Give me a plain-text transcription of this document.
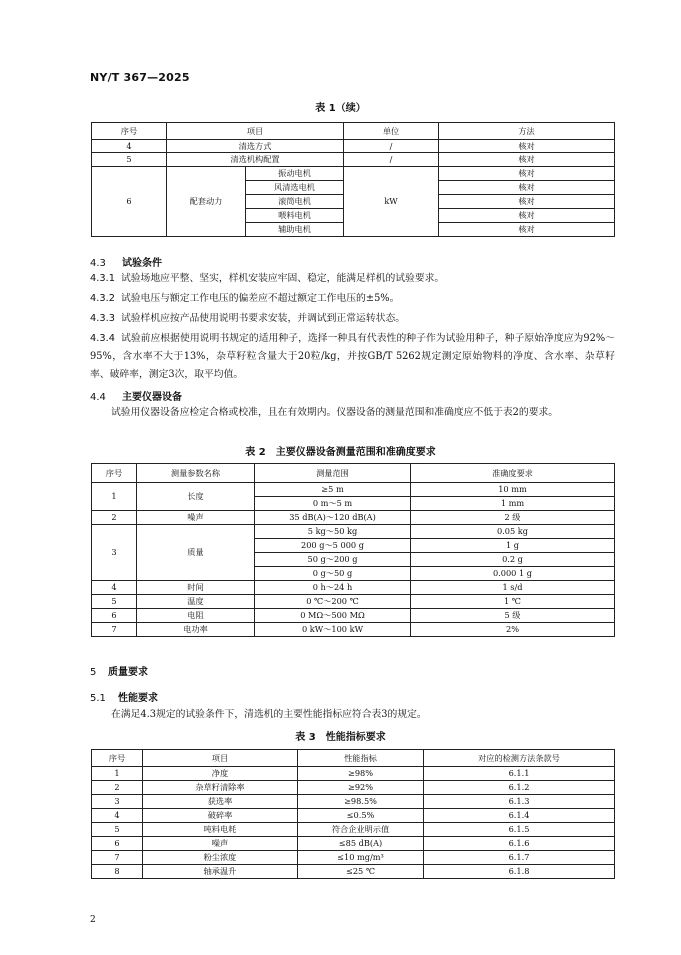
NY/T 367—2025
表 1（续）
序号	项目		单位	方法
4	清选方式		/	核对
5	清选机构配置		/	核对
6	配套动力	振动电机	kW	核对
		风清选电机		核对
		滚筒电机		核对
		喂料电机		核对
		辅助电机		核对
4.3 试验条件
4.3.1 试验场地应平整、坚实，样机安装应牢固、稳定，能满足样机的试验要求。
4.3.2 试验电压与额定工作电压的偏差应不超过额定工作电压的±5%。
4.3.3 试验样机应按产品使用说明书要求安装，并调试到正常运转状态。
4.3.4 试验前应根据使用说明书规定的适用种子，选择一种具有代表性的种子作为试验用种子，种子原始净度应为92%～95%，含水率不大于13%，杂草籽粒含量大于20粒/kg，并按GB/T 5262规定测定原始物料的净度、含水率、杂草籽率、破碎率，测定3次，取平均值。
4.4 主要仪器设备
试验用仪器设备应检定合格或校准，且在有效期内。仪器设备的测量范围和准确度应不低于表2的要求。
表 2　主要仪器设备测量范围和准确度要求
序号	测量参数名称	测量范围	准确度要求
1	长度	≥5 m	10 mm
		0 m～5 m	1 mm
2	噪声	35 dB(A)～120 dB(A)	2 级
3	质量	5 kg～50 kg	0.05 kg
		200 g～5 000 g	1 g
		50 g～200 g	0.2 g
		0 g～50 g	0.000 1 g
4	时间	0 h～24 h	1 s/d
5	温度	0 ℃～200 ℃	1 ℃
6	电阻	0 MΩ～500 MΩ	5 级
7	电功率	0 kW～100 kW	2%
5 质量要求
5.1 性能要求
在满足4.3规定的试验条件下，清选机的主要性能指标应符合表3的规定。
表 3　性能指标要求
序号	项目	性能指标	对应的检测方法条款号
1	净度	≥98%	6.1.1
2	杂草籽清除率	≥92%	6.1.2
3	获选率	≥98.5%	6.1.3
4	破碎率	≤0.5%	6.1.4
5	吨料电耗	符合企业明示值	6.1.5
6	噪声	≤85 dB(A)	6.1.6
7	粉尘浓度	≤10 mg/m³	6.1.7
8	轴承温升	≤25 ℃	6.1.8
2
